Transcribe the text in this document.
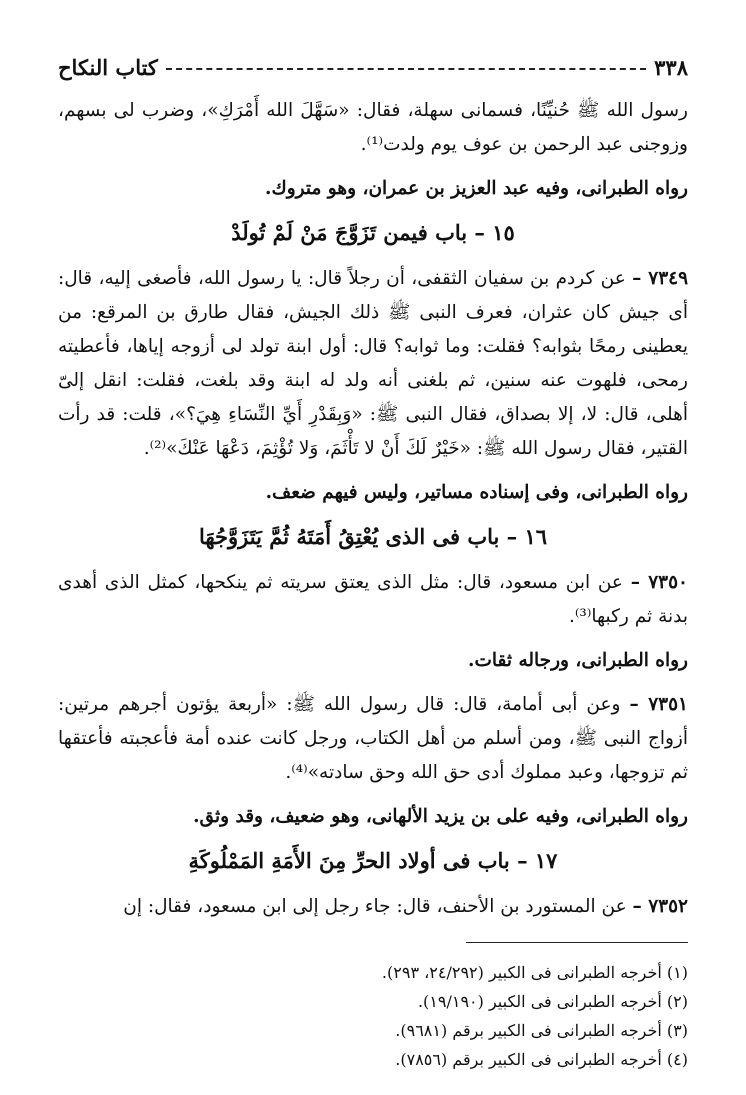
٣٣٨
كتاب النكاح

رسول الله ﷺ حُنيِّنًا، فسمانى سهلة، فقال: «سَهَّلَ الله أَمْرَكِ»، وضرب لى بسهم، وزوجنى عبد الرحمن بن عوف يوم ولدت⁽¹⁾.

رواه الطبرانى، وفيه عبد العزيز بن عمران، وهو متروك.

١٥ – باب فيمن تَزَوَّجَ مَنْ لَمْ تُولَدْ

٧٣٤٩ – عن كردم بن سفيان الثقفى، أن رجلاً قال: يا رسول الله، فأصغى إليه، قال: أى جيش كان عثران، فعرف النبى ﷺ ذلك الجيش، فقال طارق بن المرقع: من يعطينى رمحًا بثوابه؟ فقلت: وما ثوابه؟ قال: أول ابنة تولد لى أزوجه إياها، فأعطيته رمحى، فلهوت عنه سنين، ثم بلغنى أنه ولد له ابنة وقد بلغت، فقلت: انقل إلىّ أهلى، قال: لا، إلا بصداق، فقال النبى ﷺ: «وَبِقَدْرِ أَيِّ النِّسَاءِ هِيَ؟»، قلت: قد رأت القتير، فقال رسول الله ﷺ: «خَيْرٌ لَكَ أَنْ لا تَأْثَمَ، وَلا تُؤْثِمَ، دَعْهَا عَنْكَ»⁽²⁾.

رواه الطبرانى، وفى إسناده مساتير، وليس فيهم ضعف.

١٦ – باب فى الذى يُعْتِقُ أَمَتَهُ ثُمَّ يَتَزَوَّجُهَا

٧٣٥٠ – عن ابن مسعود، قال: مثل الذى يعتق سريته ثم ينكحها، كمثل الذى أهدى بدنة ثم ركبها⁽³⁾.

رواه الطبرانى، ورجاله ثقات.

٧٣٥١ – وعن أبى أمامة، قال: قال رسول الله ﷺ: «أربعة يؤتون أجرهم مرتين: أزواج النبى ﷺ، ومن أسلم من أهل الكتاب، ورجل كانت عنده أمة فأعجبته فأعتقها ثم تزوجها، وعبد مملوك أدى حق الله وحق سادته»⁽⁴⁾.

رواه الطبرانى، وفيه على بن يزيد الألهانى، وهو ضعيف، وقد وثق.

١٧ – باب فى أولاد الحرِّ مِنَ الأَمَةِ المَمْلُوكَةِ

٧٣٥٢ – عن المستورد بن الأحنف، قال: جاء رجل إلى ابن مسعود، فقال: إن

(١) أخرجه الطبرانى فى الكبير (٢٤/٢٩٢، ٢٩٣).
(٢) أخرجه الطبرانى فى الكبير (١٩/١٩٠).
(٣) أخرجه الطبرانى فى الكبير برقم (٩٦٨١).
(٤) أخرجه الطبرانى فى الكبير برقم (٧٨٥٦).
